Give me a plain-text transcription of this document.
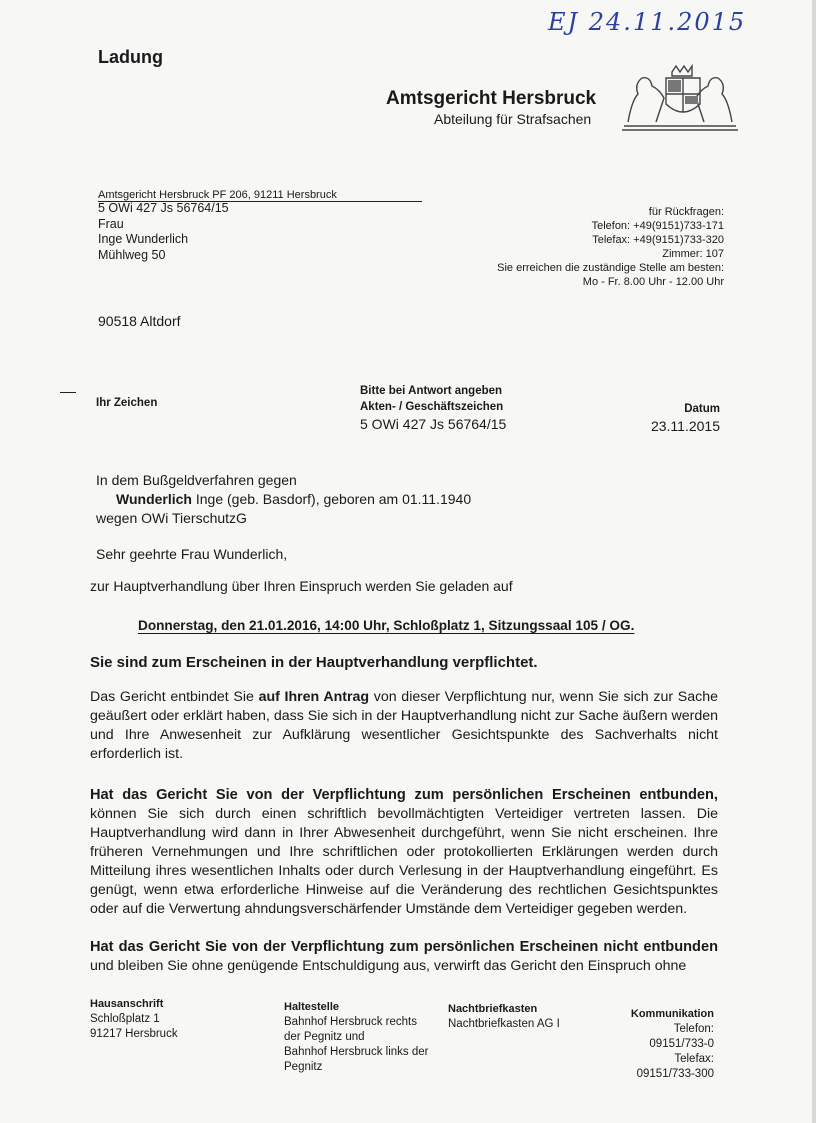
EJ 24.11.2015
Ladung
Amtsgericht Hersbruck
Abteilung für Strafsachen
Amtsgericht Hersbruck PF 206, 91211 Hersbruck
5 OWi 427 Js 56764/15
Frau
Inge Wunderlich
Mühlweg 50
90518 Altdorf
für Rückfragen:
Telefon: +49(9151)733-171
Telefax: +49(9151)733-320
Zimmer: 107
Sie erreichen die zuständige Stelle am besten:
Mo - Fr. 8.00 Uhr - 12.00 Uhr
Ihr Zeichen
Bitte bei Antwort angeben
Akten- / Geschäftszeichen
5 OWi 427 Js 56764/15
Datum
23.11.2015
In dem Bußgeldverfahren gegen
Wunderlich Inge (geb. Basdorf), geboren am 01.11.1940
wegen OWi TierschutzG
Sehr geehrte Frau Wunderlich,
zur Hauptverhandlung über Ihren Einspruch werden Sie geladen auf
Donnerstag, den 21.01.2016, 14:00 Uhr, Schloßplatz 1, Sitzungssaal 105 / OG.
Sie sind zum Erscheinen in der Hauptverhandlung verpflichtet.
Das Gericht entbindet Sie auf Ihren Antrag von dieser Verpflichtung nur, wenn Sie sich zur Sache geäußert oder erklärt haben, dass Sie sich in der Hauptverhandlung nicht zur Sache äußern werden und Ihre Anwesenheit zur Aufklärung wesentlicher Gesichtspunkte des Sachverhalts nicht erforderlich ist.
Hat das Gericht Sie von der Verpflichtung zum persönlichen Erscheinen entbunden, können Sie sich durch einen schriftlich bevollmächtigten Verteidiger vertreten lassen. Die Hauptverhandlung wird dann in Ihrer Abwesenheit durchgeführt, wenn Sie nicht erscheinen. Ihre früheren Vernehmungen und Ihre schriftlichen oder protokollierten Erklärungen werden durch Mitteilung ihres wesentlichen Inhalts oder durch Verlesung in der Hauptverhandlung eingeführt. Es genügt, wenn etwa erforderliche Hinweise auf die Veränderung des rechtlichen Gesichtspunktes oder auf die Verwertung ahndungsverschärfender Umstände dem Verteidiger gegeben werden.
Hat das Gericht Sie von der Verpflichtung zum persönlichen Erscheinen nicht entbunden und bleiben Sie ohne genügende Entschuldigung aus, verwirft das Gericht den Einspruch ohne
Hausanschrift
Schloßplatz 1
91217 Hersbruck
Haltestelle
Bahnhof Hersbruck rechts
der Pegnitz und
Bahnhof Hersbruck links der
Pegnitz
Nachtbriefkasten
Nachtbriefkasten AG I
Kommunikation
Telefon:
09151/733-0
Telefax:
09151/733-300
